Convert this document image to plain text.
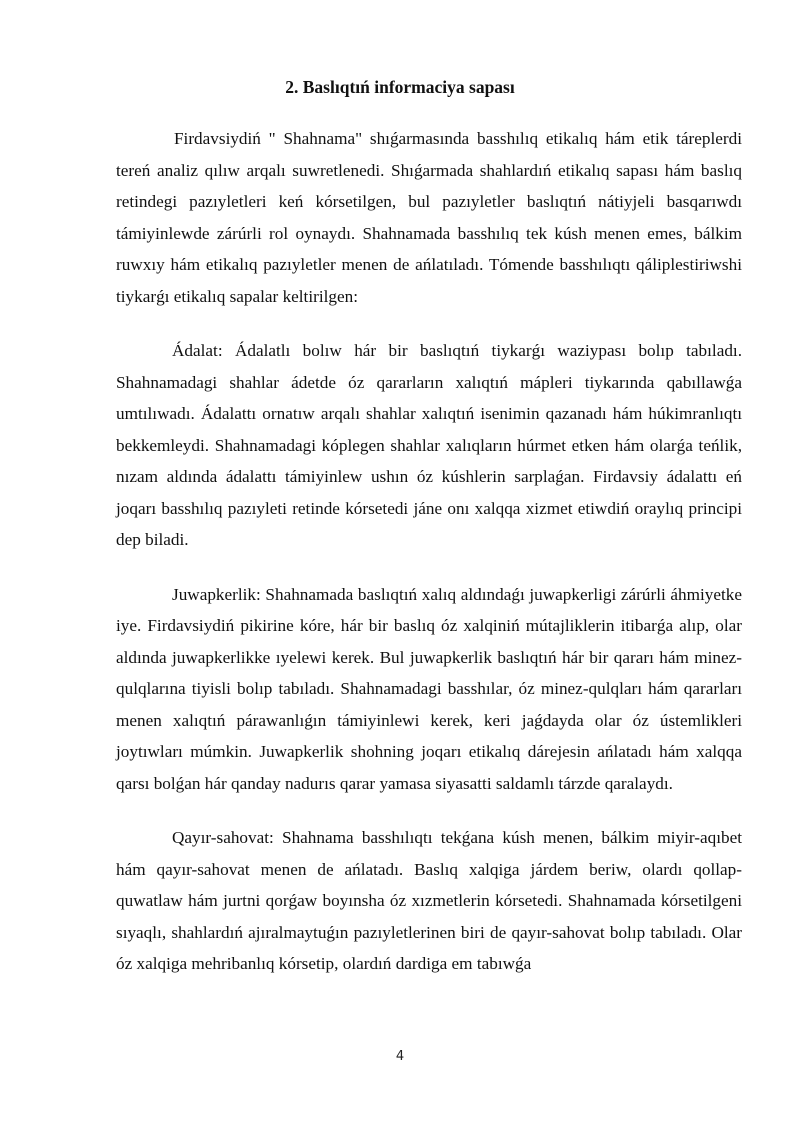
2. Baslıqtıń informaciya sapası

Firdavsiydiń " Shahnama" shıǵarmasında basshılıq etikalıq hám etik táreplerdi tereń analiz qılıw arqalı suwretlenedi. Shıǵarmada shahlardıń etikalıq sapası hám baslıq retindegi pazıyletleri keń kórsetilgen, bul pazıyletler baslıqtıń nátiyjeli basqarıwdı támiyinlewde zárúrli rol oynaydı. Shahnamada basshılıq tek kúsh menen emes, bálkim ruwxıy hám etikalıq pazıyletler menen de ańlatıladı. Tómende basshılıqtı qáliplestiriwshi tiykarǵı etikalıq sapalar keltirilgen:

Ádalat: Ádalatlı bolıw hár bir baslıqtıń tiykarǵı waziypası bolıp tabıladı. Shahnamadagi shahlar ádetde óz qararların xalıqtıń mápleri tiykarında qabıllawǵa umtılıwadı. Ádalattı ornatıw arqalı shahlar xalıqtıń isenimin qazanadı hám húkimranlıqtı bekkemleydi. Shahnamadagi kóplegen shahlar xalıqların húrmet etken hám olarǵa teńlik, nızam aldında ádalattı támiyinlew ushın óz kúshlerin sarplaǵan. Firdavsiy ádalattı eń joqarı basshılıq pazıyleti retinde kórsetedi jáne onı xalqqa xizmet etiwdiń oraylıq principi dep biladi.

Juwapkerlik: Shahnamada baslıqtıń xalıq aldındaǵı juwapkerligi zárúrli áhmiyetke iye. Firdavsiydiń pikirine kóre, hár bir baslıq óz xalqiniń mútajliklerin itibarǵa alıp, olar aldında juwapkerlikke ıyelewi kerek. Bul juwapkerlik baslıqtıń hár bir qararı hám minez-qulqlarına tiyisli bolıp tabıladı. Shahnamadagi basshılar, óz minez-qulqları hám qararları menen xalıqtıń párawanlıǵın támiyinlewi kerek, keri jaǵdayda olar óz ústemlikleri joytıwları múmkin. Juwapkerlik shohning joqarı etikalıq dárejesin ańlatadı hám xalqqa qarsı bolǵan hár qanday nadurıs qarar yamasa siyasatti saldamlı tárzde qaralaydı.

Qayır-sahovat: Shahnama basshılıqtı tekǵana kúsh menen, bálkim miyir-aqıbet hám qayır-sahovat menen de ańlatadı. Baslıq xalqiga járdem beriw, olardı qollap-quwatlaw hám jurtni qorǵaw boyınsha óz xızmetlerin kórsetedi. Shahnamada kórsetilgeni sıyaqlı, shahlardıń ajıralmaytuǵın pazıyletlerinen biri de qayır-sahovat bolıp tabıladı. Olar óz xalqiga mehribanlıq kórsetip, olardıń dardiga em tabıwǵa

4
